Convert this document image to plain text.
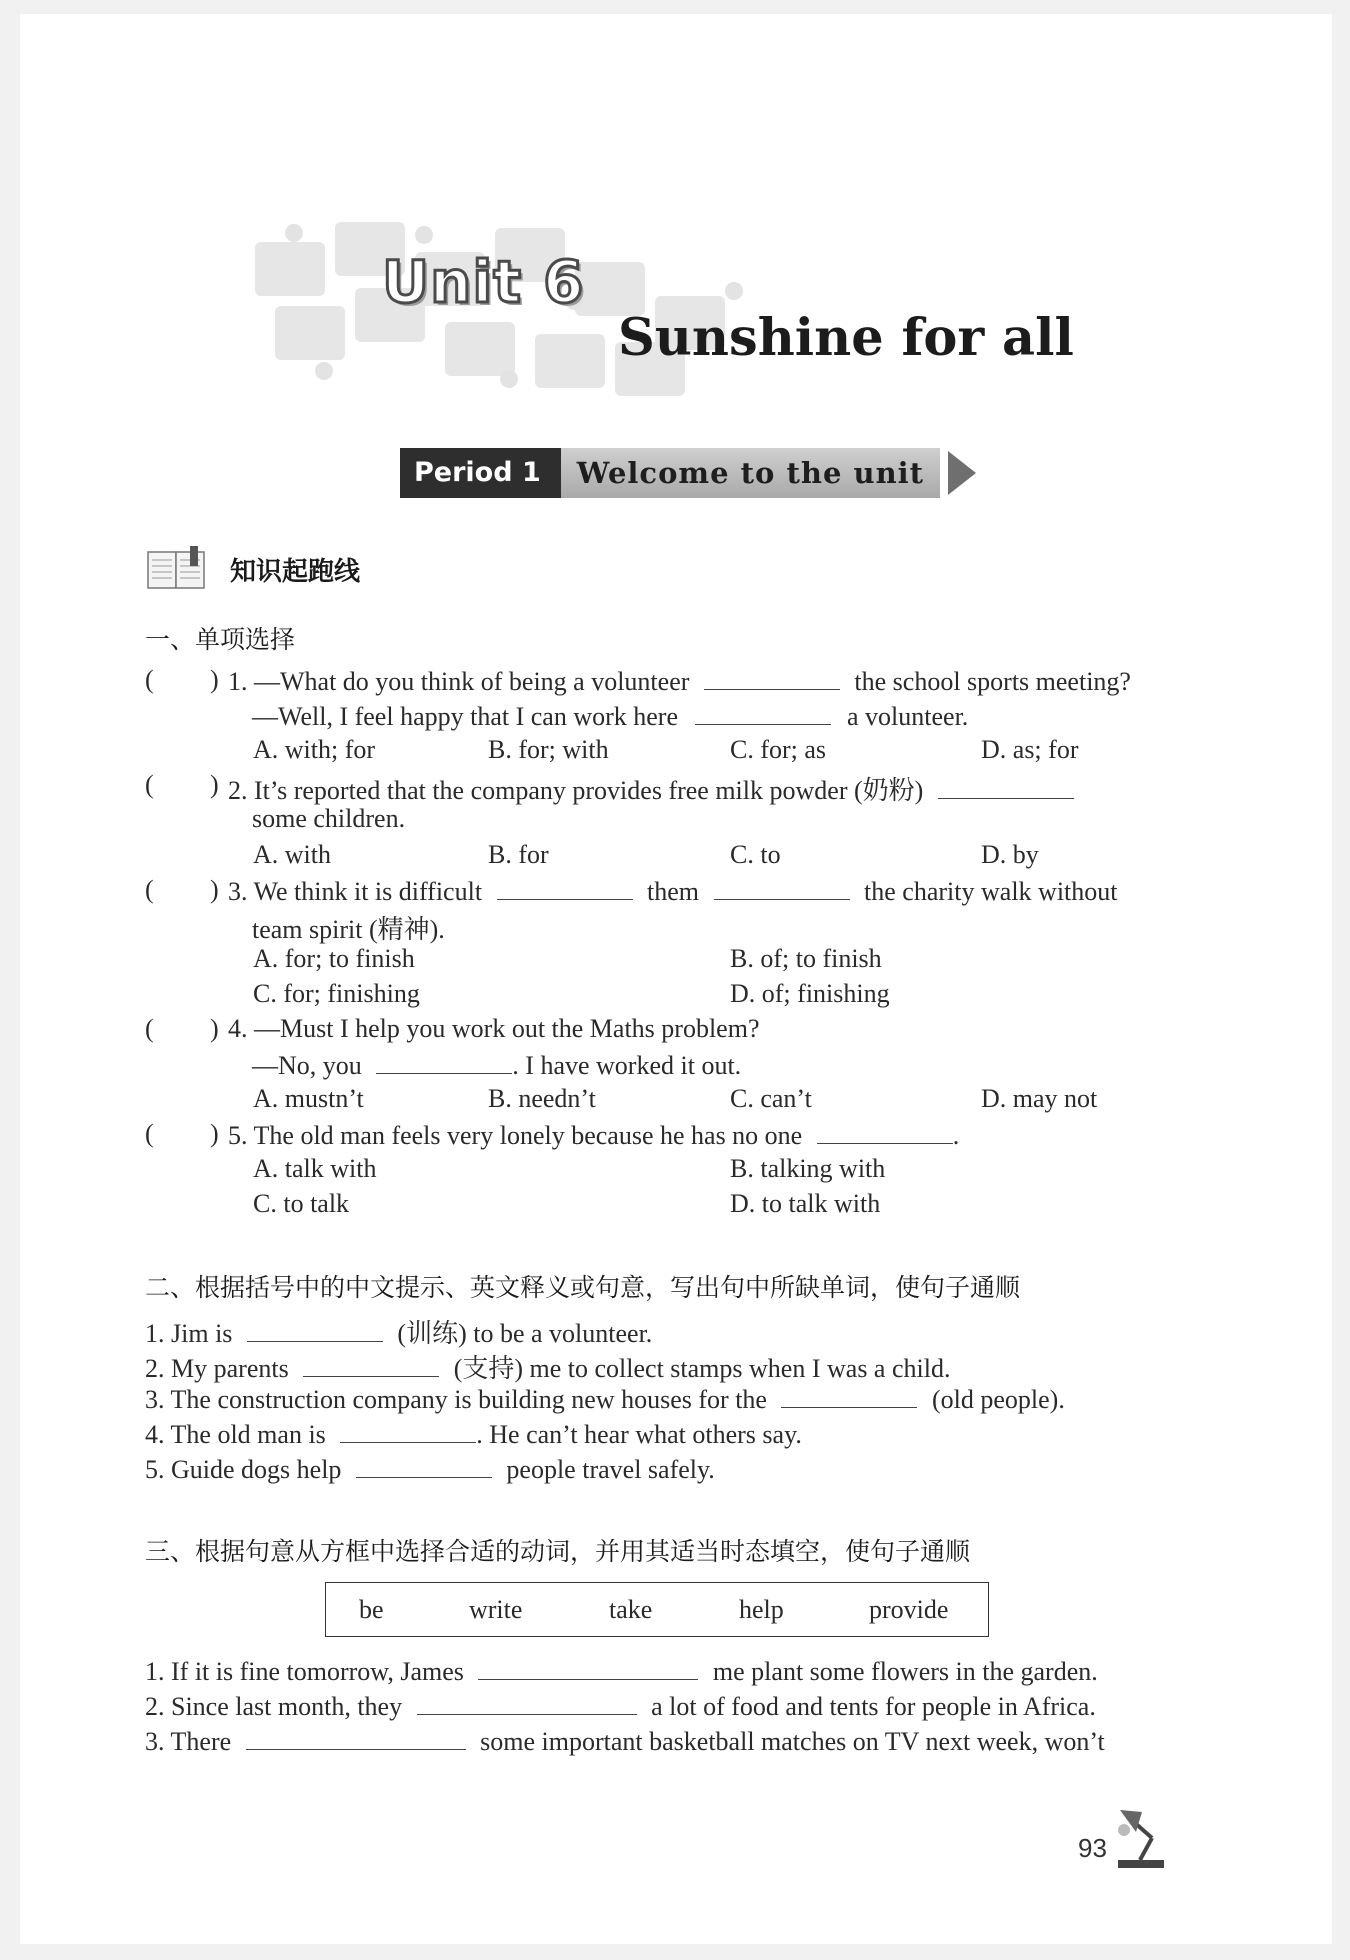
Unit 6
Sunshine for all
Period 1	Welcome to the unit
知识起跑线
一、单项选择
( ) 1. —What do you think of being a volunteer	the school sports meeting?
—Well, I feel happy that I can work here	a volunteer.
A. with; for	B. for; with	C. for; as	D. as; for
( ) 2. It’s reported that the company provides free milk powder (奶粉)
some children.
A. with	B. for	C. to	D. by
( ) 3. We think it is difficult	them	the charity walk without
team spirit (精神).
A. for; to finish	B. of; to finish
C. for; finishing	D. of; finishing
( ) 4. —Must I help you work out the Maths problem?
—No, you	. I have worked it out.
A. mustn’t	B. needn’t	C. can’t	D. may not
( ) 5. The old man feels very lonely because he has no one	.
A. talk with	B. talking with
C. to talk	D. to talk with
二、根据括号中的中文提示、英文释义或句意，写出句中所缺单词，使句子通顺
1. Jim is	(训练) to be a volunteer.
2. My parents	(支持) me to collect stamps when I was a child.
3. The construction company is building new houses for the	(old people).
4. The old man is	. He can’t hear what others say.
5. Guide dogs help	people travel safely.
三、根据句意从方框中选择合适的动词，并用其适当时态填空，使句子通顺
be	write	take	help	provide
1. If it is fine tomorrow, James	me plant some flowers in the garden.
2. Since last month, they	a lot of food and tents for people in Africa.
3. There	some important basketball matches on TV next week, won’t
93
